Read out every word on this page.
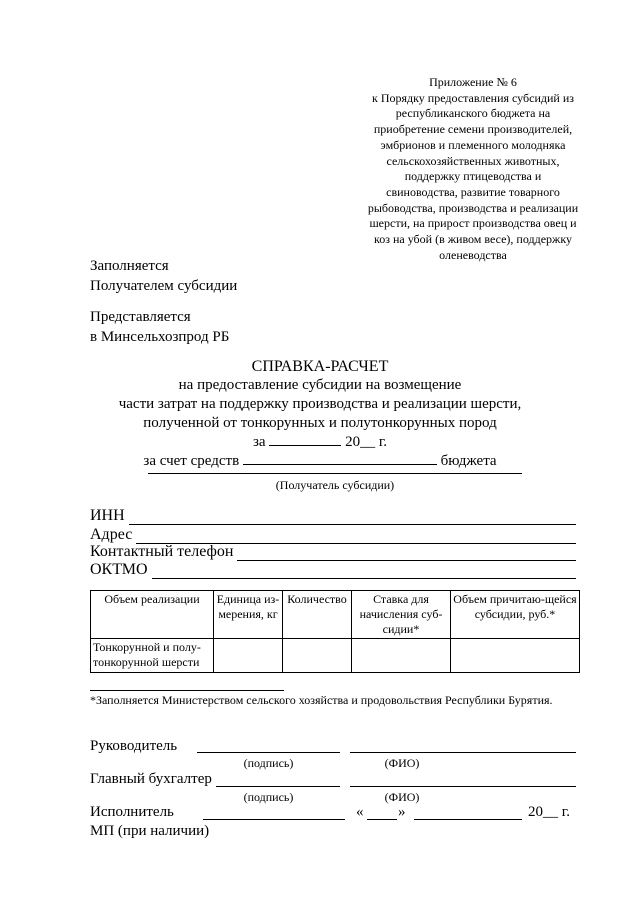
Приложение № 6
к Порядку предоставления субсидий из
республиканского бюджета на
приобретение семени производителей,
эмбрионов и племенного молодняка
сельскохозяйственных животных,
поддержку птицеводства и
свиноводства, развитие товарного
рыбоводства, производства и реализации
шерсти, на прирост производства овец и
коз на убой (в живом весе), поддержку
оленеводства
Заполняется
Получателем субсидии
Представляется
в Минсельхозпрод РБ
СПРАВКА-РАСЧЕТ
на предоставление субсидии на возмещение
части затрат на поддержку производства и реализации шерсти,
полученной от тонкорунных и полутонкорунных пород
за	20__ г.
за счет средств	бюджета
(Получатель субсидии)
ИНН
Адрес
Контактный телефон
ОКТМО
Объем реализации	Единица из-мерения, кг	Количество	Ставка для начисления суб-сидии*	Объем причитаю-щейся субсидии, руб.*
Тонкорунной и полу-тонкорунной шерсти				
*Заполняется Министерством сельского хозяйства и продовольствия Республики Бурятия.
Руководитель
(подпись)	(ФИО)
Главный бухгалтер
(подпись)	(ФИО)
Исполнитель	« »	20__ г.
МП (при наличии)
